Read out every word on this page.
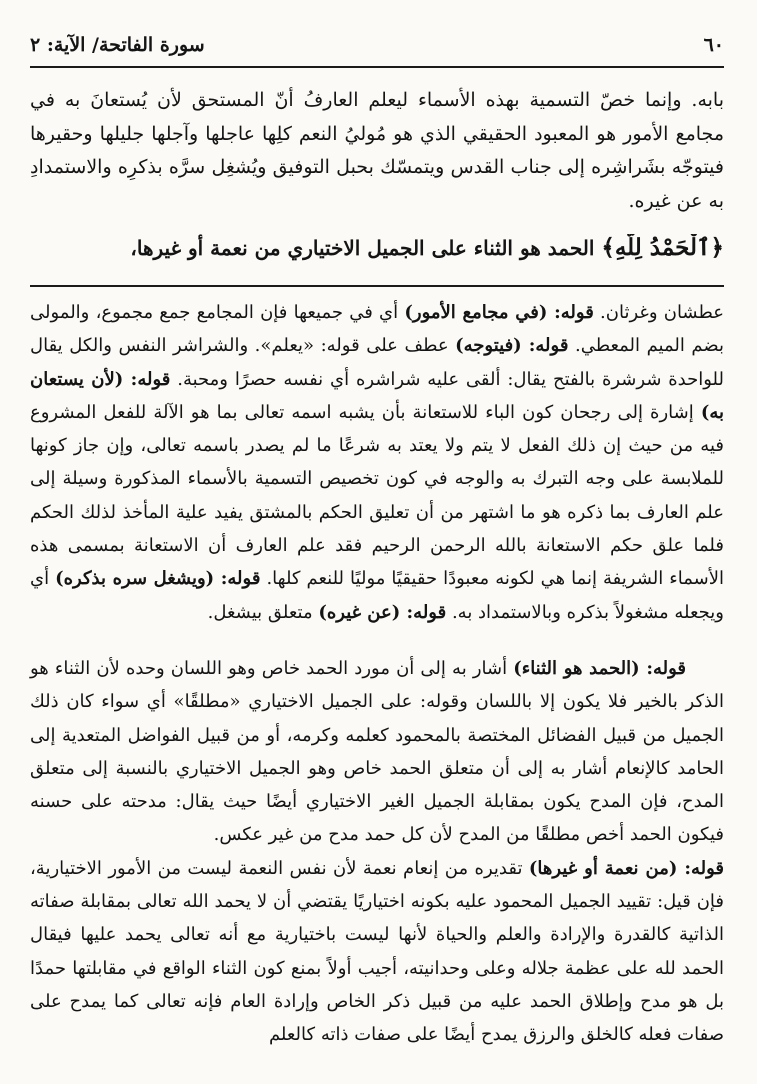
٦٠
سورة الفاتحة/ الآية: ٢

بابه. وإنما خصّ التسمية بهذه الأسماء ليعلم العارفُ أنّ المستحق لأن يُستعانَ به في مجامع الأمور هو المعبود الحقيقي الذي هو مُوليُ النعم كلِها عاجلها وآجلها جليلها وحقيرها فيتوجّه بشَراشِره إلى جناب القدس ويتمسّك بحبل التوفيق ويُشغِل سرَّه بذكرِه والاستمدادِ به عن غيره.

﴿ٱلْحَمْدُ لِلَّهِ﴾ الحمد هو الثناء على الجميل الاختياري من نعمة أو غيرها،

عطشان وغرثان. قوله: (في مجامع الأمور) أي في جميعها فإن المجامع جمع مجموع، والمولى بضم الميم المعطي. قوله: (فيتوجه) عطف على قوله: «يعلم». والشراشر النفس والكل يقال للواحدة شرشرة بالفتح يقال: ألقى عليه شراشره أي نفسه حصرًا ومحبة. قوله: (لأن يستعان به) إشارة إلى رجحان كون الباء للاستعانة بأن يشبه اسمه تعالى بما هو الآلة للفعل المشروع فيه من حيث إن ذلك الفعل لا يتم ولا يعتد به شرعًا ما لم يصدر باسمه تعالى، وإن جاز كونها للملابسة على وجه التبرك به والوجه في كون تخصيص التسمية بالأسماء المذكورة وسيلة إلى علم العارف بما ذكره هو ما اشتهر من أن تعليق الحكم بالمشتق يفيد علية المأخذ لذلك الحكم فلما علق حكم الاستعانة بالله الرحمن الرحيم فقد علم العارف أن الاستعانة بمسمى هذه الأسماء الشريفة إنما هي لكونه معبودًا حقيقيًا موليًا للنعم كلها. قوله: (ويشغل سره بذكره) أي ويجعله مشغولاً بذكره وبالاستمداد به. قوله: (عن غيره) متعلق بيشغل.

قوله: (الحمد هو الثناء) أشار به إلى أن مورد الحمد خاص وهو اللسان وحده لأن الثناء هو الذكر بالخير فلا يكون إلا باللسان وقوله: على الجميل الاختياري «مطلقًا» أي سواء كان ذلك الجميل من قبيل الفضائل المختصة بالمحمود كعلمه وكرمه، أو من قبيل الفواضل المتعدية إلى الحامد كالإنعام أشار به إلى أن متعلق الحمد خاص وهو الجميل الاختياري بالنسبة إلى متعلق المدح، فإن المدح يكون بمقابلة الجميل الغير الاختياري أيضًا حيث يقال: مدحته على حسنه فيكون الحمد أخص مطلقًا من المدح لأن كل حمد مدح من غير عكس.

قوله: (من نعمة أو غيرها) تقديره من إنعام نعمة لأن نفس النعمة ليست من الأمور الاختيارية، فإن قيل: تقييد الجميل المحمود عليه بكونه اختياريًا يقتضي أن لا يحمد الله تعالى بمقابلة صفاته الذاتية كالقدرة والإرادة والعلم والحياة لأنها ليست باختيارية مع أنه تعالى يحمد عليها فيقال الحمد لله على عظمة جلاله وعلى وحدانيته، أجيب أولاً بمنع كون الثناء الواقع في مقابلتها حمدًا بل هو مدح وإطلاق الحمد عليه من قبيل ذكر الخاص وإرادة العام فإنه تعالى كما يمدح على صفات فعله كالخلق والرزق يمدح أيضًا على صفات ذاته كالعلم
